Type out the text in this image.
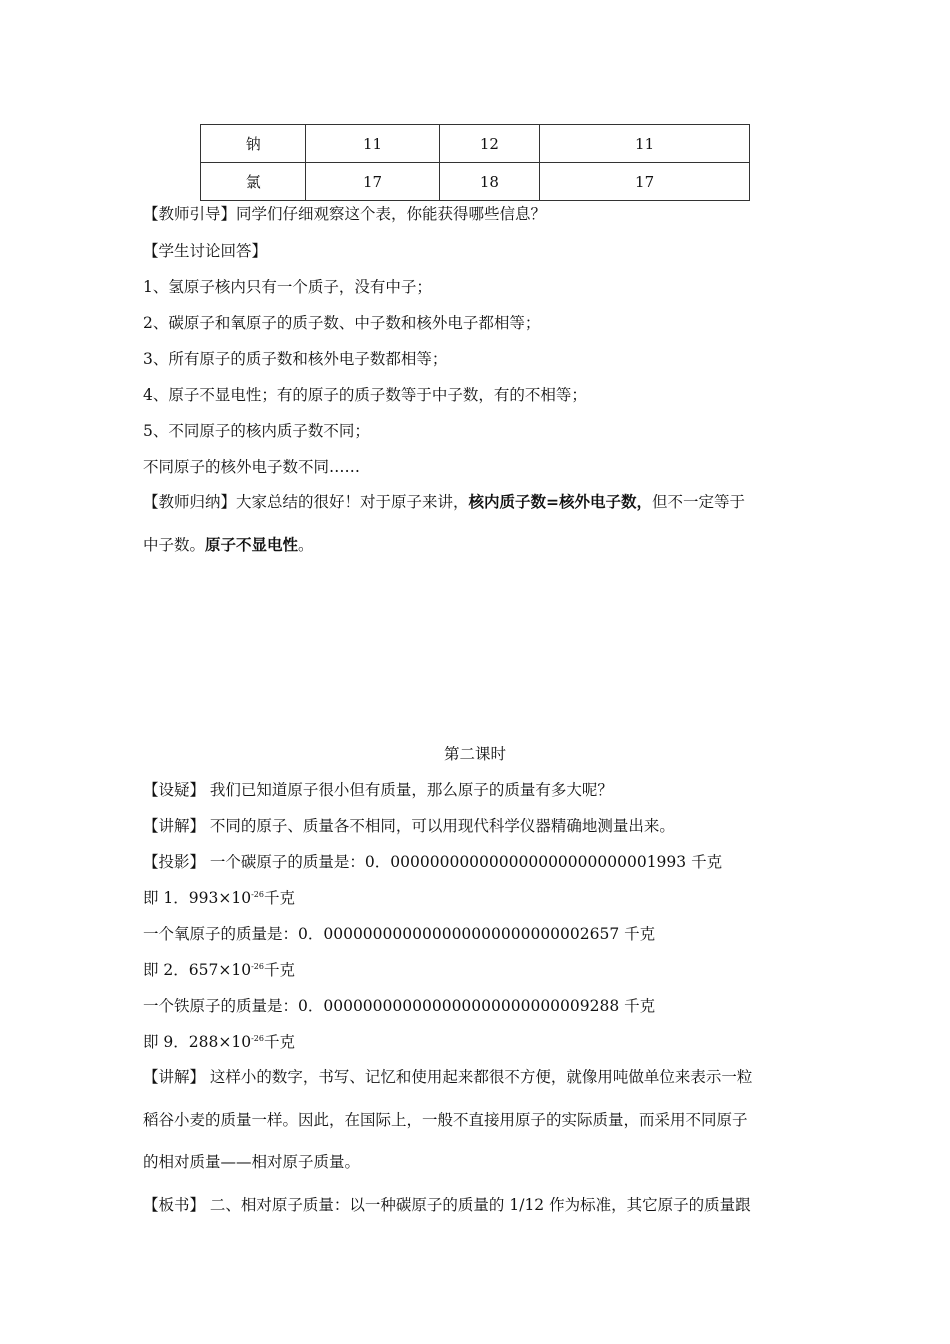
钠	11	12	11
氯	17	18	17
【教师引导】同学们仔细观察这个表，你能获得哪些信息？
【学生讨论回答】
1、氢原子核内只有一个质子，没有中子；
2、碳原子和氧原子的质子数、中子数和核外电子都相等；
3、所有原子的质子数和核外电子数都相等；
4、原子不显电性；有的原子的质子数等于中子数，有的不相等；
5、不同原子的核内质子数不同；
不同原子的核外电子数不同……
【教师归纳】大家总结的很好！对于原子来讲，核内质子数=核外电子数，但不一定等于
中子数。原子不显电性。
第二课时
【设疑】 我们已知道原子很小但有质量，那么原子的质量有多大呢？
【讲解】 不同的原子、质量各不相同，可以用现代科学仪器精确地测量出来。
【投影】 一个碳原子的质量是：0．000000000000000000000000001993 千克
即 1．$993\times 10^{-26}$千克
一个氧原子的质量是：0．000000000000000000000000002657 千克
即 2．$657\times 10^{-26}$千克
一个铁原子的质量是：0．000000000000000000000000009288 千克
即 9．$288\times 10^{-26}$千克
【讲解】 这样小的数字，书写、记忆和使用起来都很不方便，就像用吨做单位来表示一粒
稻谷小麦的质量一样。因此，在国际上，一般不直接用原子的实际质量，而采用不同原子
的相对质量——相对原子质量。
【板书】 二、相对原子质量：以一种碳原子的质量的 1/12 作为标准，其它原子的质量跟
